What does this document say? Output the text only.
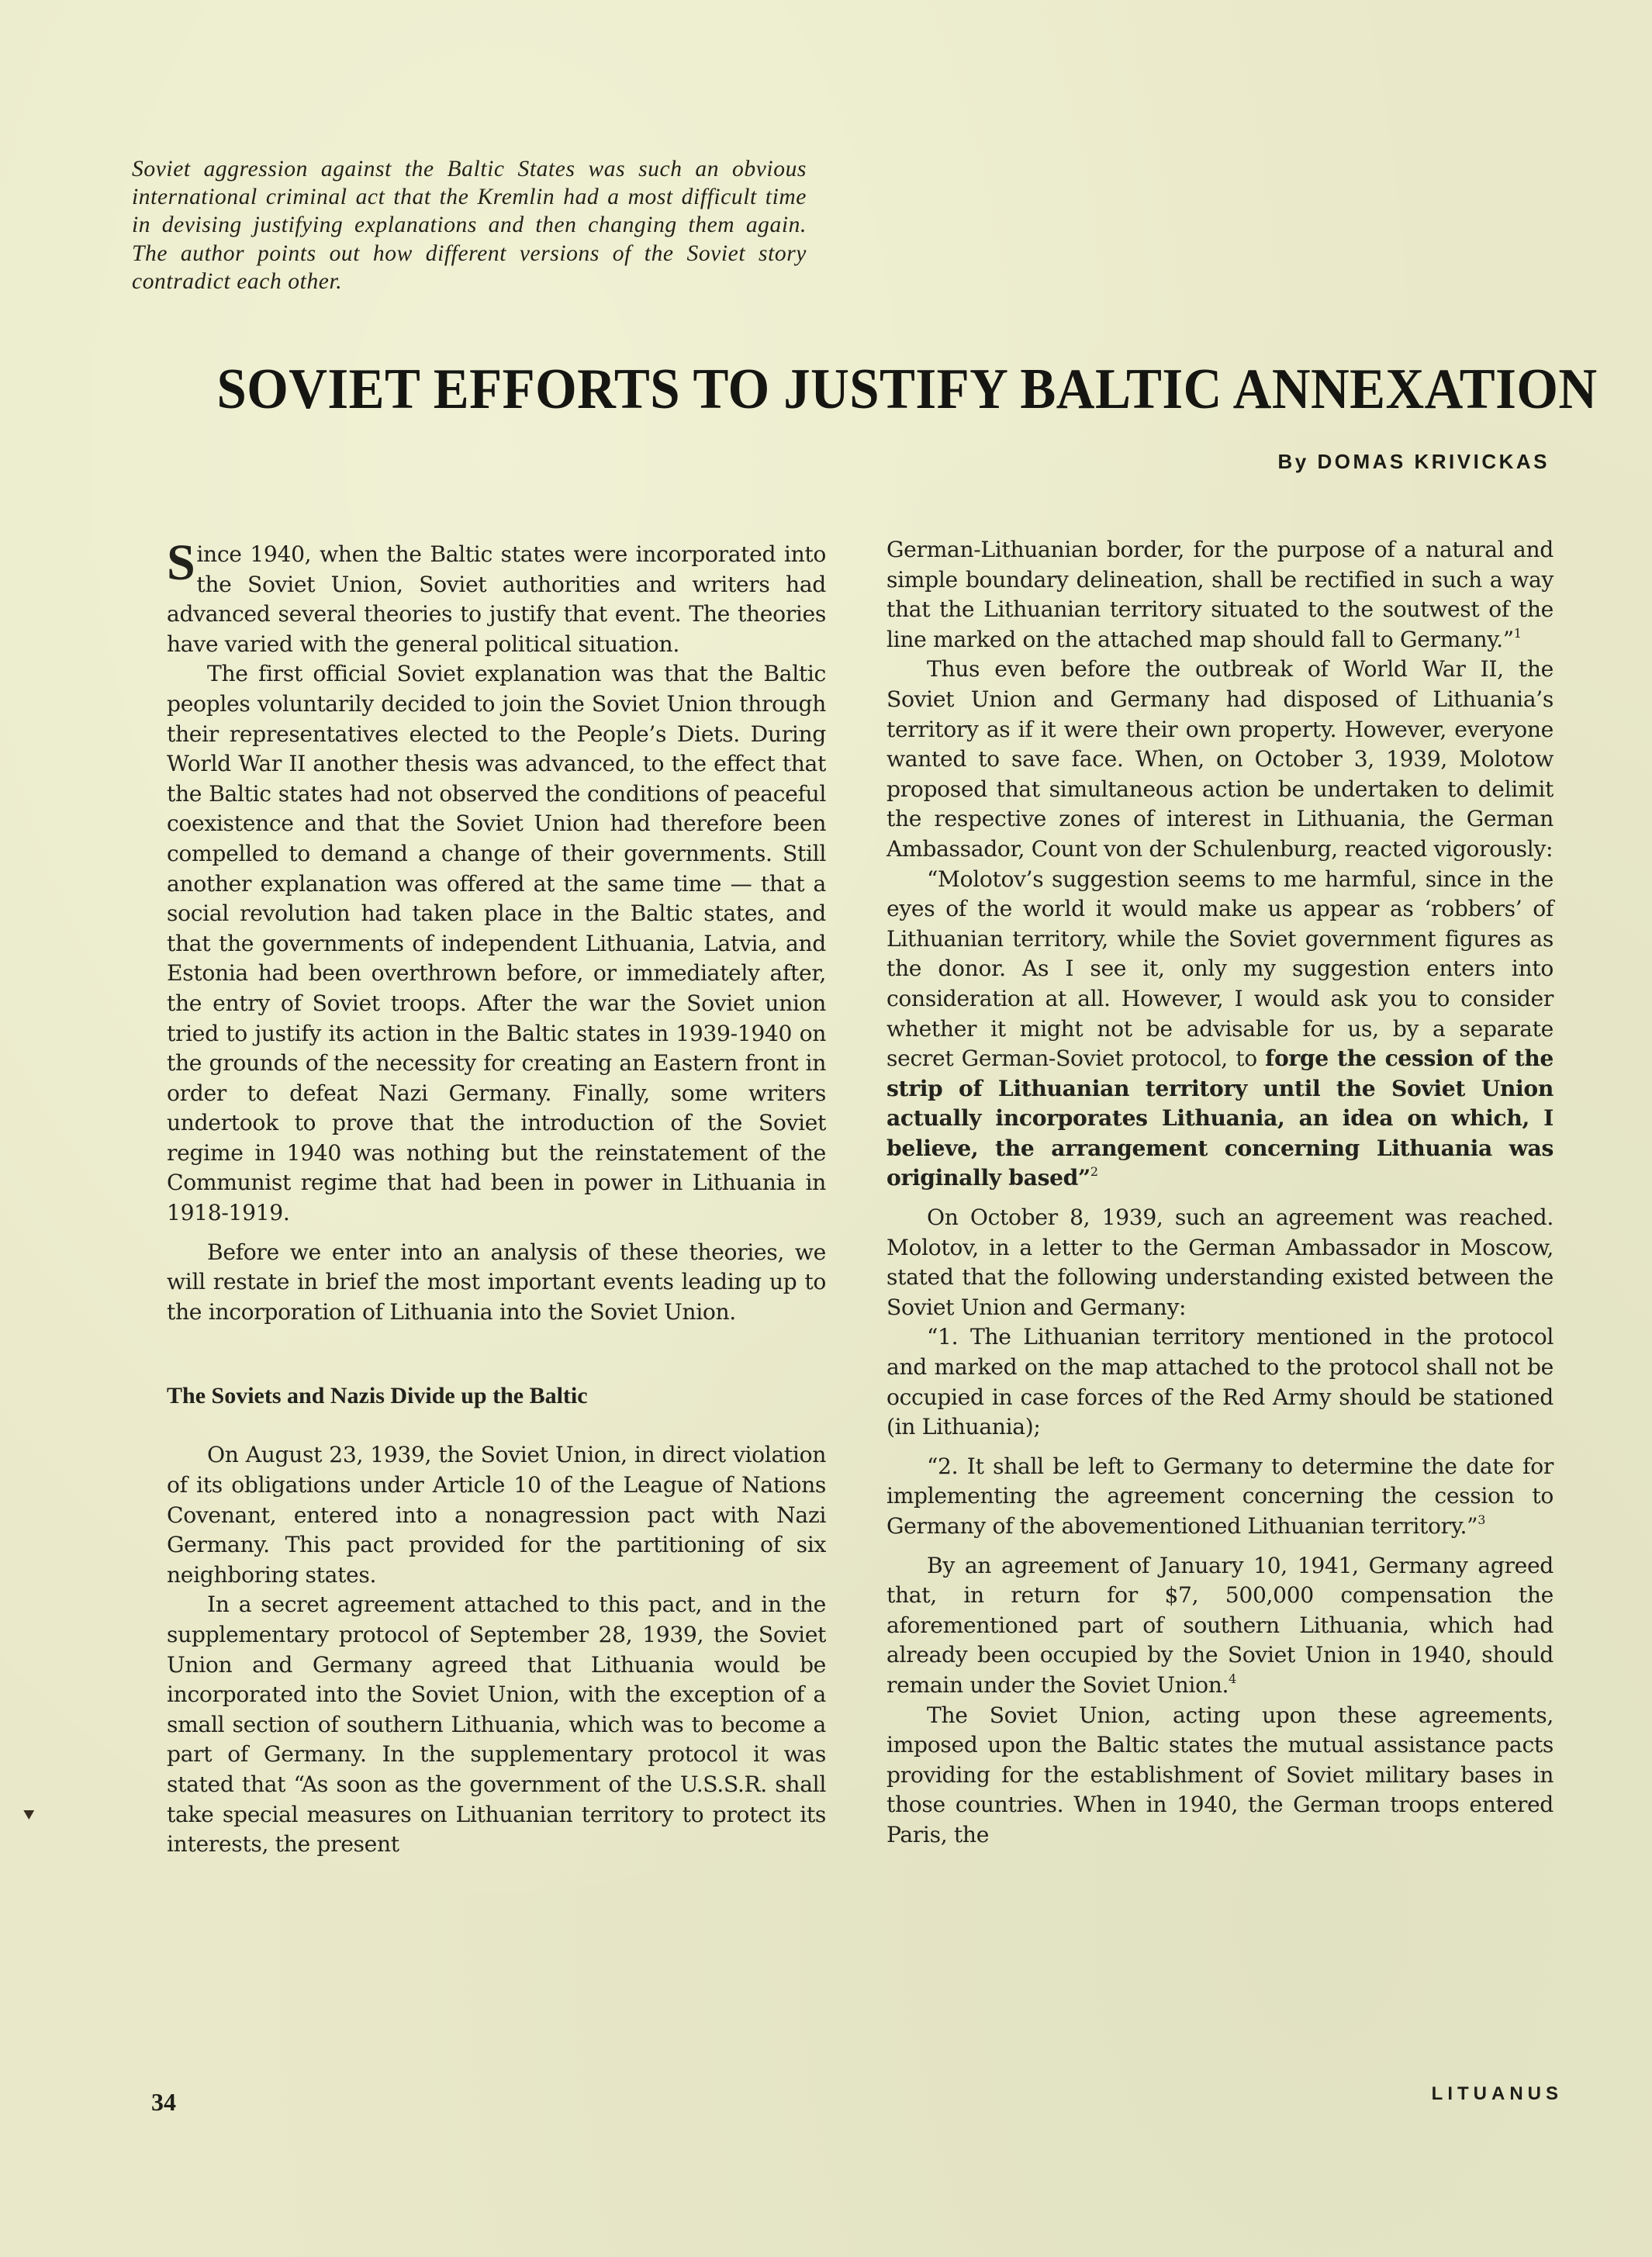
Soviet aggression against the Baltic States was such an obvious international criminal act that the Kremlin had a most difficult time in devising justifying explanations and then changing them again. The author points out how different versions of the Soviet story contradict each other.
SOVIET EFFORTS TO JUSTIFY BALTIC ANNEXATION
By DOMAS KRIVICKAS

Since 1940, when the Baltic states were incorporated into the Soviet Union, Soviet authorities and writers had advanced several theories to justify that event. The theories have varied with the general political situation.

The first official Soviet explanation was that the Baltic peoples voluntarily decided to join the Soviet Union through their representatives elected to the People’s Diets. During World War II another thesis was advanced, to the effect that the Baltic states had not observed the conditions of peaceful coexistence and that the Soviet Union had therefore been compelled to demand a change of their governments. Still another explanation was offered at the same time — that a social revolution had taken place in the Baltic states, and that the governments of independent Lithuania, Latvia, and Estonia had been overthrown before, or immediately after, the entry of Soviet troops. After the war the Soviet union tried to justify its action in the Baltic states in 1939-1940 on the grounds of the necessity for creating an Eastern front in order to defeat Nazi Germany. Finally, some writers undertook to prove that the introduction of the Soviet regime in 1940 was nothing but the reinstatement of the Communist regime that had been in power in Lithuania in 1918-1919.

Before we enter into an analysis of these theories, we will restate in brief the most important events leading up to the incorporation of Lithuania into the Soviet Union.

The Soviets and Nazis Divide up the Baltic

On August 23, 1939, the Soviet Union, in direct violation of its obligations under Article 10 of the League of Nations Covenant, entered into a nonagression pact with Nazi Germany. This pact provided for the partitioning of six neighboring states.

In a secret agreement attached to this pact, and in the supplementary protocol of September 28, 1939, the Soviet Union and Germany agreed that Lithuania would be incorporated into the Soviet Union, with the exception of a small section of southern Lithuania, which was to become a part of Germany. In the supplementary protocol it was stated that “As soon as the government of the U.S.S.R. shall take special measures on Lithuanian territory to protect its interests, the present

German-Lithuanian border, for the purpose of a natural and simple boundary delineation, shall be rectified in such a way that the Lithuanian territory situated to the soutwest of the line marked on the attached map should fall to Germany.”$^1$

Thus even before the outbreak of World War II, the Soviet Union and Germany had disposed of Lithuania’s territory as if it were their own property. However, everyone wanted to save face. When, on October 3, 1939, Molotow proposed that simultaneous action be undertaken to delimit the respective zones of interest in Lithuania, the German Ambassador, Count von der Schulenburg, reacted vigorously:

“Molotov’s suggestion seems to me harmful, since in the eyes of the world it would make us appear as ‘robbers’ of Lithuanian territory, while the Soviet government figures as the donor. As I see it, only my suggestion enters into consideration at all. However, I would ask you to consider whether it might not be advisable for us, by a separate secret German-Soviet protocol, to forge the cession of the strip of Lithuanian territory until the Soviet Union actually incorporates Lithuania, an idea on which, I believe, the arrangement concerning Lithuania was originally based”$^2$

On October 8, 1939, such an agreement was reached. Molotov, in a letter to the German Ambassador in Moscow, stated that the following understanding existed between the Soviet Union and Germany:

“1. The Lithuanian territory mentioned in the protocol and marked on the map attached to the protocol shall not be occupied in case forces of the Red Army should be stationed (in Lithuania);

“2. It shall be left to Germany to determine the date for implementing the agreement concerning the cession to Germany of the abovementioned Lithuanian territory.”$^3$

By an agreement of January 10, 1941, Germany agreed that, in return for $7, 500,000 compensation the aforementioned part of southern Lithuania, which had already been occupied by the Soviet Union in 1940, should remain under the Soviet Union.$^4$

The Soviet Union, acting upon these agreements, imposed upon the Baltic states the mutual assistance pacts providing for the establishment of Soviet military bases in those countries. When in 1940, the German troops entered Paris, the

34	LITUANUS
